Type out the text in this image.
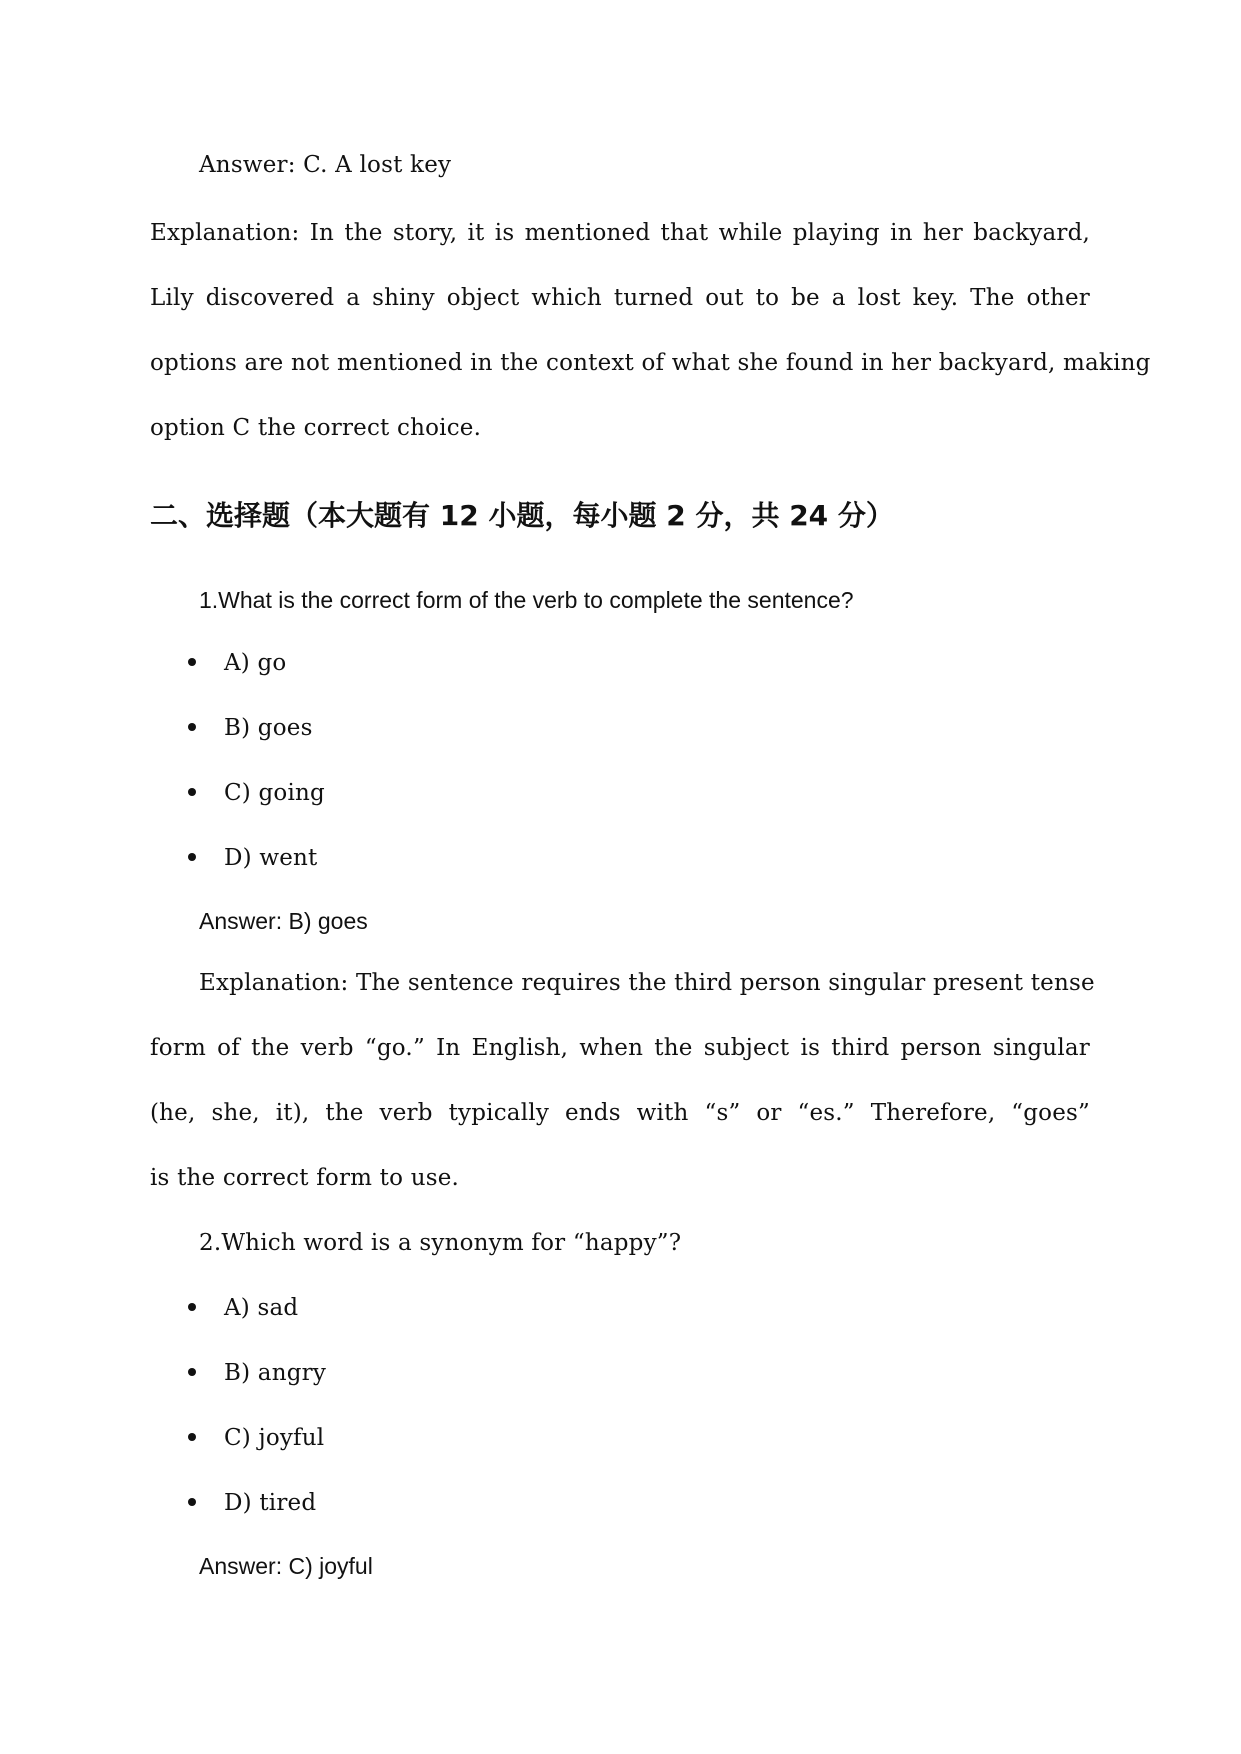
Answer: C. A lost key
Explanation: In the story, it is mentioned that while playing in her backyard,
Lily discovered a shiny object which turned out to be a lost key. The other
options are not mentioned in the context of what she found in her backyard, making
option C the correct choice.
二、选择题（本大题有 12 小题，每小题 2 分，共 24 分）
1.What is the correct form of the verb to complete the sentence?
A) go
B) goes
C) going
D) went
Answer: B) goes
Explanation: The sentence requires the third person singular present tense
form of the verb “go.” In English, when the subject is third person singular
(he, she, it), the verb typically ends with “s” or “es.” Therefore, “goes”
is the correct form to use.
2.Which word is a synonym for “happy”?
A) sad
B) angry
C) joyful
D) tired
Answer: C) joyful
